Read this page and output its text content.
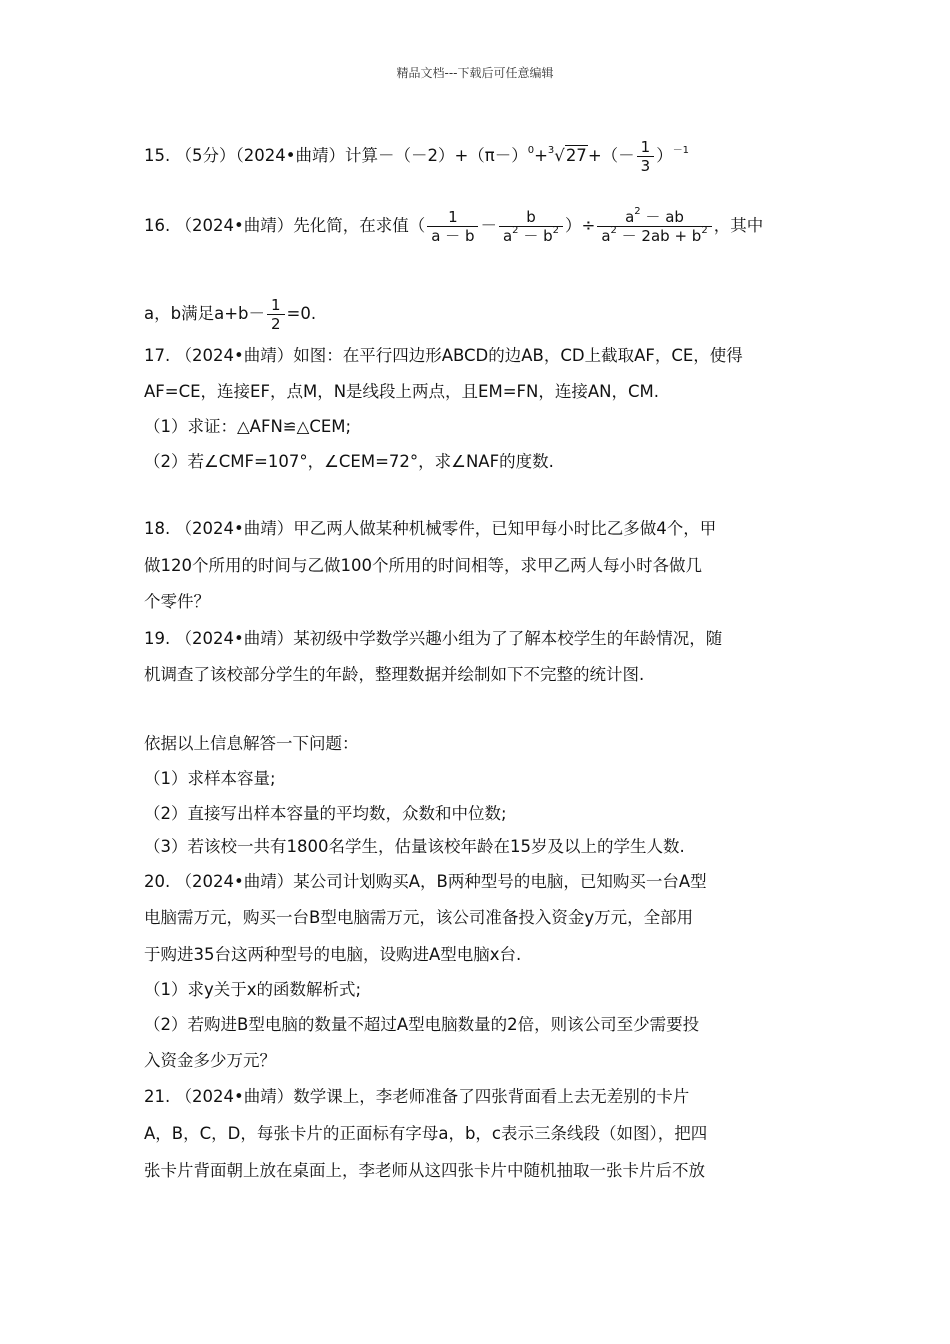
精品文档---下载后可任意编辑
15. （5分）（2024•曲靖）计算$-(-2)+(\pi-)^0+^3√27+(- \frac{1}{3} )^{-1}$
16. （2024•曲靖）先化简，在求值（ $\frac{1}{a - b} - \frac{b}{a^2 - b^2}$ ）÷ $\frac{a^2 - ab}{a^2 - 2ab + b^2}$ ，其中
a，b满足$a+b- \frac{1}{2} =0$.
17. （2024•曲靖）如图：在平行四边形ABCD的边AB，CD上截取AF，CE，使得
AF=CE，连接EF，点M，N是线段上两点，且EM=FN，连接AN，CM.
（1）求证：△AFN≌△CEM;
（2）若∠CMF=107°，∠CEM=72°，求∠NAF的度数.
18. （2024•曲靖）甲乙两人做某种机械零件，已知甲每小时比乙多做4个，甲
做120个所用的时间与乙做100个所用的时间相等，求甲乙两人每小时各做几
个零件？
19. （2024•曲靖）某初级中学数学兴趣小组为了了解本校学生的年龄情况，随
机调查了该校部分学生的年龄，整理数据并绘制如下不完整的统计图.
依据以上信息解答一下问题：
（1）求样本容量;
（2）直接写出样本容量的平均数，众数和中位数;
（3）若该校一共有1800名学生，估量该校年龄在15岁及以上的学生人数.
20. （2024•曲靖）某公司计划购买A，B两种型号的电脑，已知购买一台A型
电脑需万元，购买一台B型电脑需万元，该公司准备投入资金y万元，全部用
于购进35台这两种型号的电脑，设购进A型电脑x台.
（1）求y关于x的函数解析式;
（2）若购进B型电脑的数量不超过A型电脑数量的2倍，则该公司至少需要投
入资金多少万元？
21. （2024•曲靖）数学课上，李老师准备了四张背面看上去无差别的卡片
A，B，C，D，每张卡片的正面标有字母a，b，c表示三条线段（如图），把四
张卡片背面朝上放在桌面上，李老师从这四张卡片中随机抽取一张卡片后不放
